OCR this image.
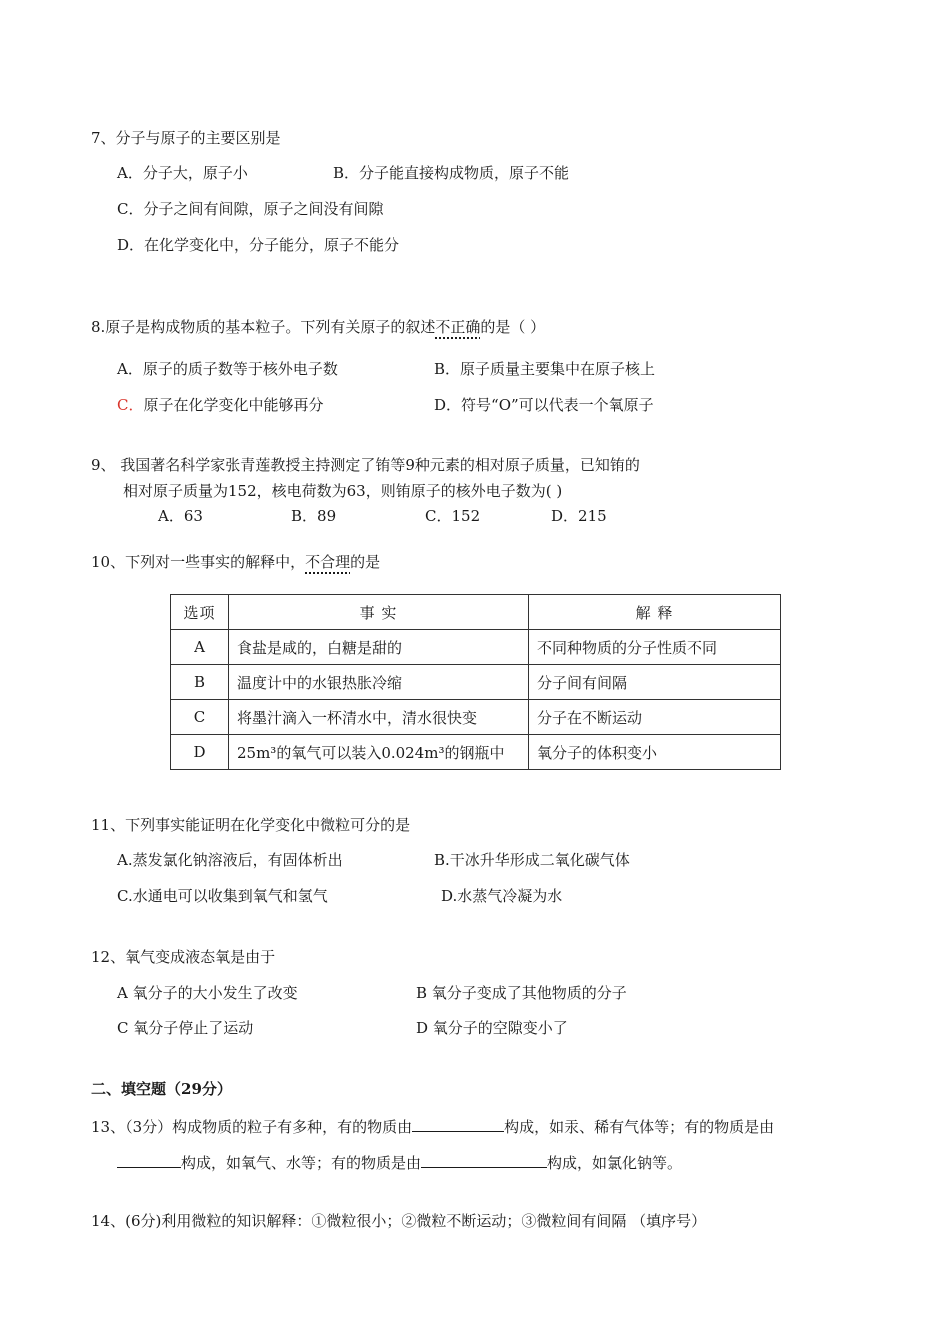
7、分子与原子的主要区别是
A．分子大，原子小	B．分子能直接构成物质，原子不能
C．分子之间有间隙，原子之间没有间隙
D．在化学变化中，分子能分，原子不能分
8.原子是构成物质的基本粒子。下列有关原子的叙述不正确的是（ ）
A．原子的质子数等于核外电子数	B．原子质量主要集中在原子核上
C．原子在化学变化中能够再分	D．符号“O”可以代表一个氧原子
9、 我国著名科学家张青莲教授主持测定了铕等9种元素的相对原子质量，已知铕的
相对原子质量为152，核电荷数为63，则铕原子的核外电子数为( )
A．63	B．89	C．152	D．215
10、下列对一些事实的解释中，不合理的是
选项	事 实	解 释
A	食盐是咸的，白糖是甜的	不同种物质的分子性质不同
B	温度计中的水银热胀冷缩	分子间有间隔
C	将墨汁滴入一杯清水中，清水很快变	分子在不断运动
D	25m³的氧气可以装入0.024m³的钢瓶中	氧分子的体积变小
11、下列事实能证明在化学变化中微粒可分的是
A.蒸发氯化钠溶液后，有固体析出	B.干冰升华形成二氧化碳气体
C.水通电可以收集到氧气和氢气	D.水蒸气冷凝为水
12、氧气变成液态氧是由于
A 氧分子的大小发生了改变	B 氧分子变成了其他物质的分子
C 氧分子停止了运动	D 氧分子的空隙变小了
二、填空题（29分）
13、（3分）构成物质的粒子有多种，有的物质由	构成，如汞、稀有气体等；有的物质是由
构成，如氧气、水等；有的物质是由	构成，如氯化钠等。
14、(6分)利用微粒的知识解释：①微粒很小；②微粒不断运动；③微粒间有间隔 （填序号）
